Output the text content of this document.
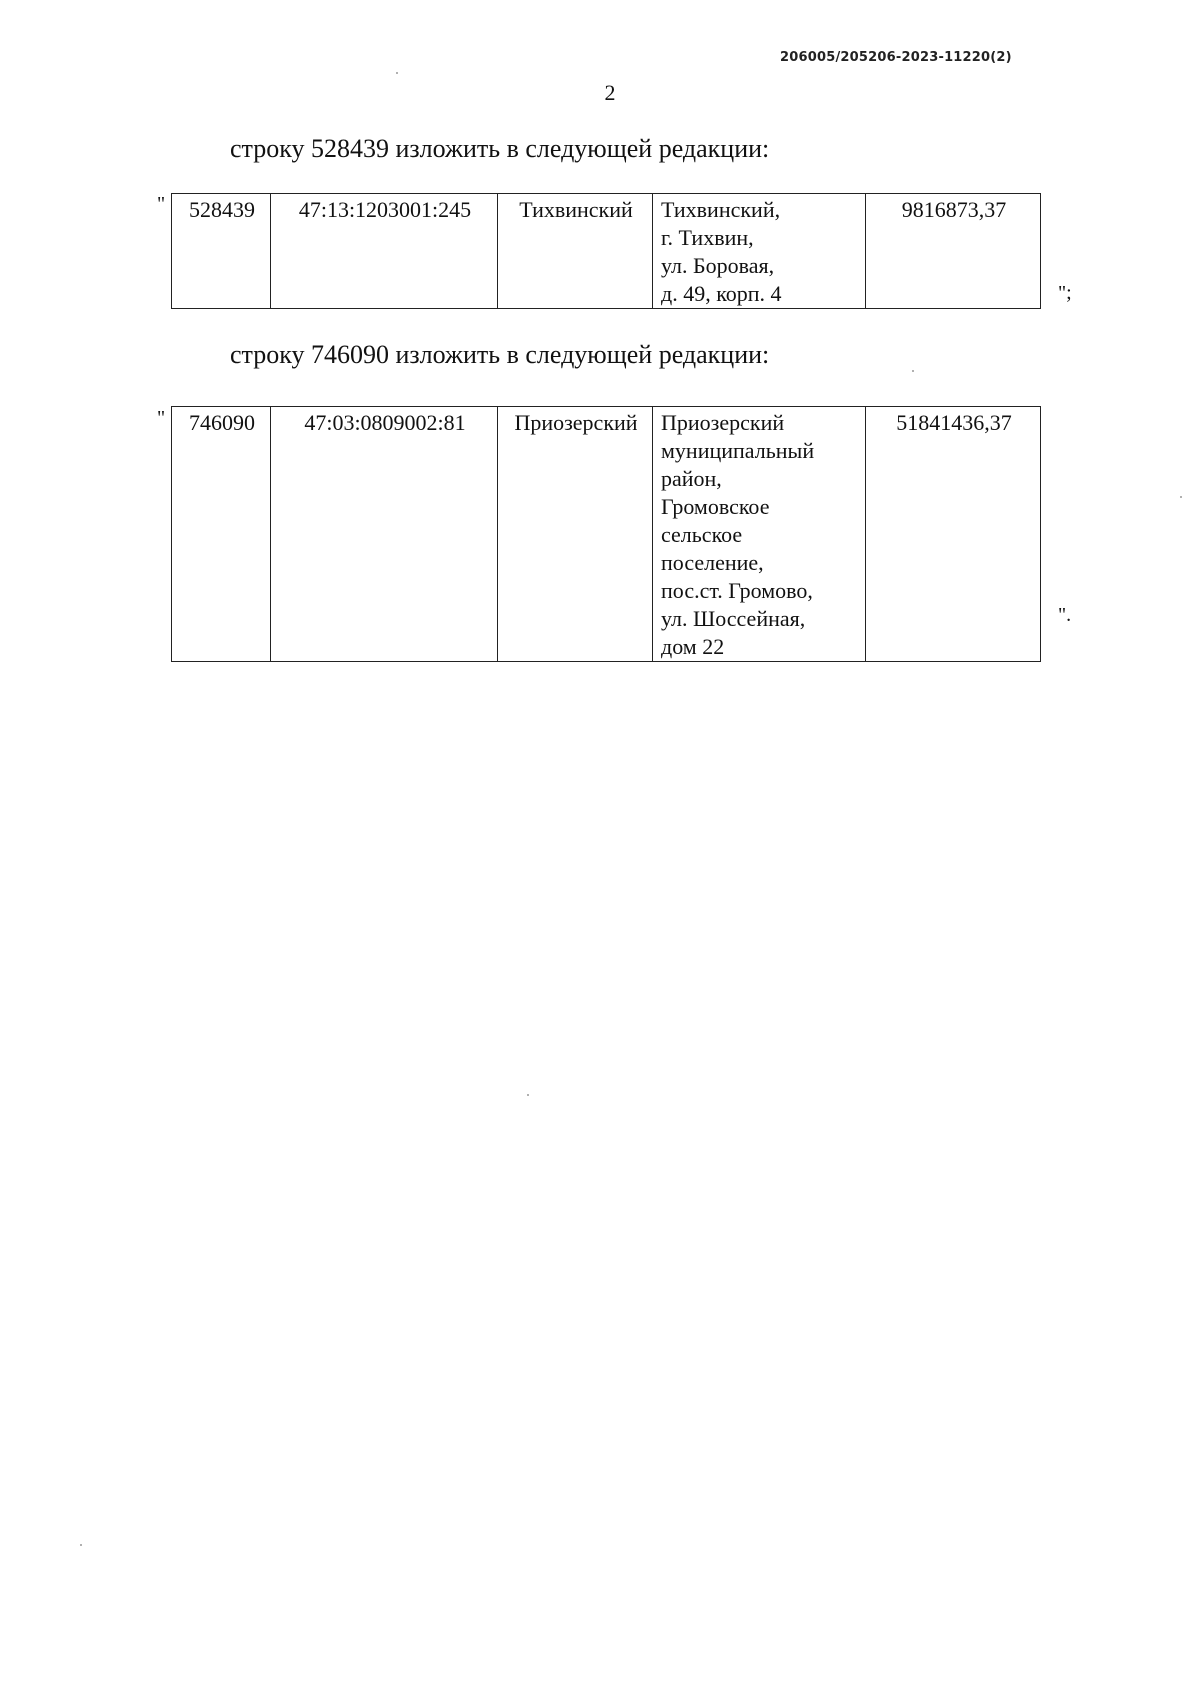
206005/205206-2023-11220(2)
2
строку 528439 изложить в следующей редакции:
" 528439	47:13:1203001:245	Тихвинский	Тихвинский,
г. Тихвин,
ул. Боровая,
д. 49, корп. 4
	9816873,37
";
строку 746090 изложить в следующей редакции:
" 746090	47:03:0809002:81	Приозерский	Приозерский
муниципальный
район,
Громовское
сельское
поселение,
пос.ст. Громово,
ул. Шоссейная,
дом 22
	51841436,37
".
